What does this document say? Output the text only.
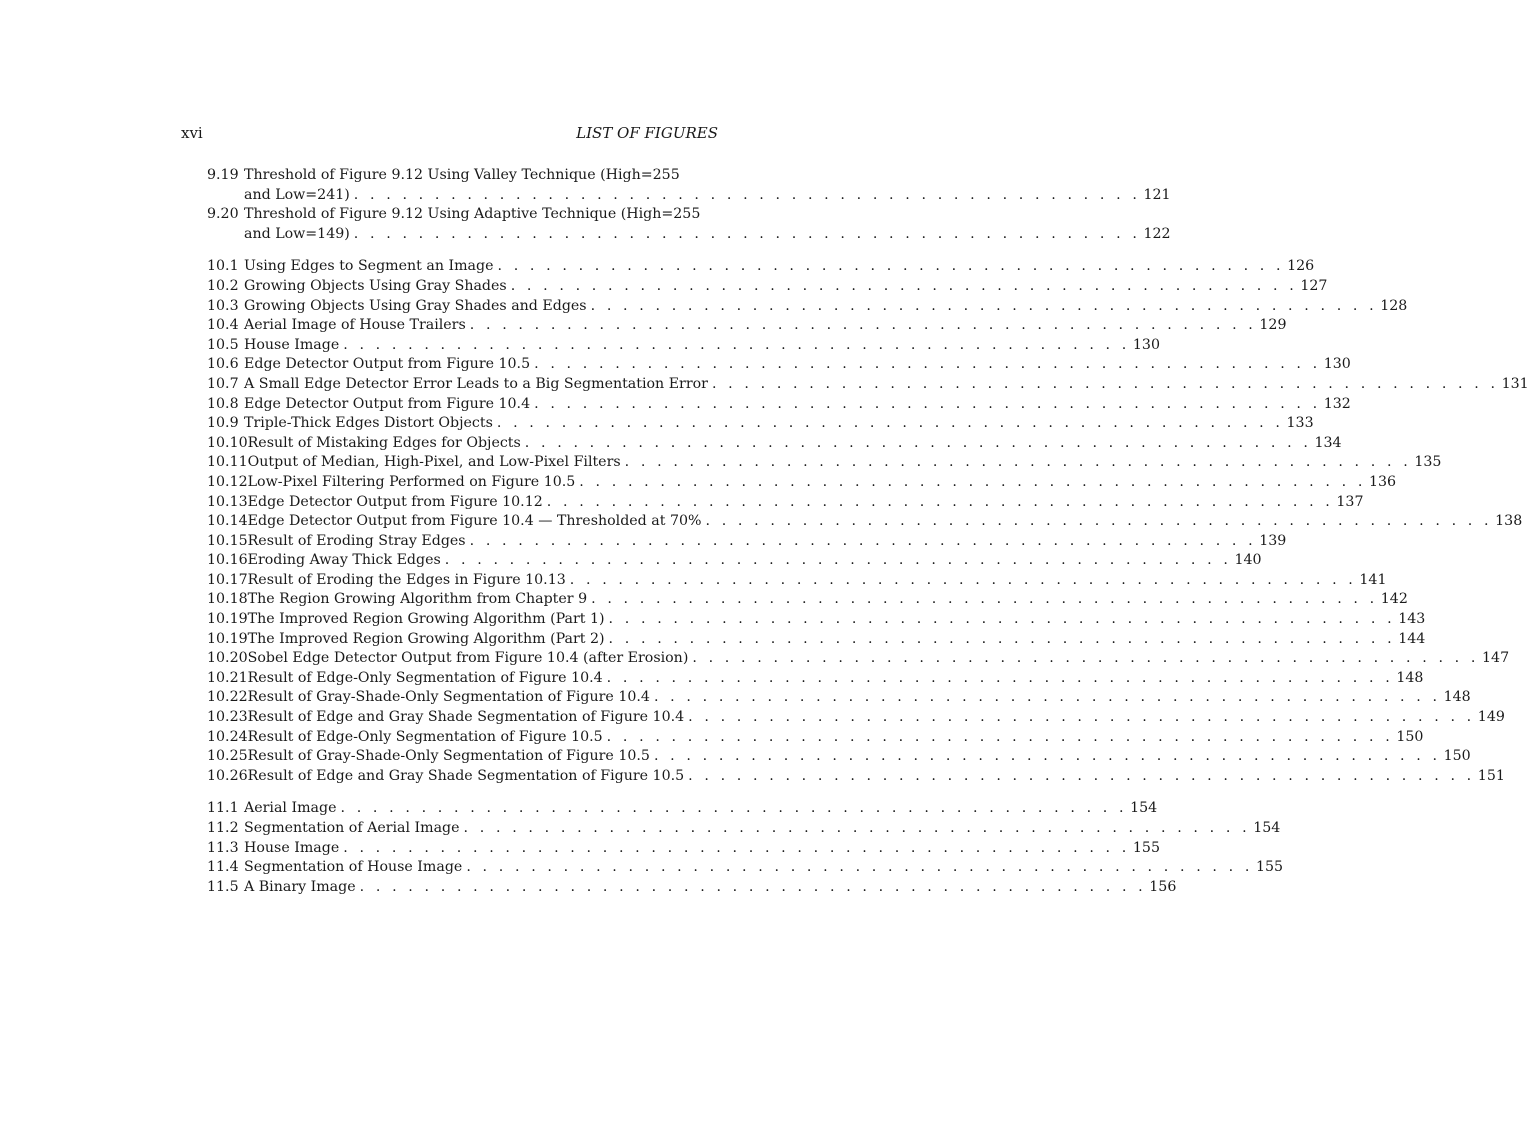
xvi	LIST OF FIGURES
9.19 Threshold of Figure 9.12 Using Valley Technique (High=255
and Low=241) . . . . . . . . . . . . . . . . . . . . . . . . . . . . . . . . . . . . . . . . . . . . . . . . . 121
9.20 Threshold of Figure 9.12 Using Adaptive Technique (High=255
and Low=149) . . . . . . . . . . . . . . . . . . . . . . . . . . . . . . . . . . . . . . . . . . . . . . . . . 122
10.1 Using Edges to Segment an Image . . . . . . . . . . . . . . . . . . . . . . . . . . . . . . . . . . . . . . . . . . . . . . . . . 126
10.2 Growing Objects Using Gray Shades . . . . . . . . . . . . . . . . . . . . . . . . . . . . . . . . . . . . . . . . . . . . . . . . . 127
10.3 Growing Objects Using Gray Shades and Edges . . . . . . . . . . . . . . . . . . . . . . . . . . . . . . . . . . . . . . . . . . . . . . . . . 128
10.4 Aerial Image of House Trailers . . . . . . . . . . . . . . . . . . . . . . . . . . . . . . . . . . . . . . . . . . . . . . . . . 129
10.5 House Image . . . . . . . . . . . . . . . . . . . . . . . . . . . . . . . . . . . . . . . . . . . . . . . . . 130
10.6 Edge Detector Output from Figure 10.5 . . . . . . . . . . . . . . . . . . . . . . . . . . . . . . . . . . . . . . . . . . . . . . . . . 130
10.7 A Small Edge Detector Error Leads to a Big Segmentation Error . . . . . . . . . . . . . . . . . . . . . . . . . . . . . . . . . . . . . . . . . . . . . . . . . 131
10.8 Edge Detector Output from Figure 10.4 . . . . . . . . . . . . . . . . . . . . . . . . . . . . . . . . . . . . . . . . . . . . . . . . . 132
10.9 Triple-Thick Edges Distort Objects . . . . . . . . . . . . . . . . . . . . . . . . . . . . . . . . . . . . . . . . . . . . . . . . . 133
10.10 Result of Mistaking Edges for Objects . . . . . . . . . . . . . . . . . . . . . . . . . . . . . . . . . . . . . . . . . . . . . . . . . 134
10.11 Output of Median, High-Pixel, and Low-Pixel Filters . . . . . . . . . . . . . . . . . . . . . . . . . . . . . . . . . . . . . . . . . . . . . . . . . 135
10.12 Low-Pixel Filtering Performed on Figure 10.5 . . . . . . . . . . . . . . . . . . . . . . . . . . . . . . . . . . . . . . . . . . . . . . . . . 136
10.13 Edge Detector Output from Figure 10.12 . . . . . . . . . . . . . . . . . . . . . . . . . . . . . . . . . . . . . . . . . . . . . . . . . 137
10.14 Edge Detector Output from Figure 10.4 — Thresholded at 70% . . . . . . . . . . . . . . . . . . . . . . . . . . . . . . . . . . . . . . . . . . . . . . . . . 138
10.15 Result of Eroding Stray Edges . . . . . . . . . . . . . . . . . . . . . . . . . . . . . . . . . . . . . . . . . . . . . . . . . 139
10.16 Eroding Away Thick Edges . . . . . . . . . . . . . . . . . . . . . . . . . . . . . . . . . . . . . . . . . . . . . . . . . 140
10.17 Result of Eroding the Edges in Figure 10.13 . . . . . . . . . . . . . . . . . . . . . . . . . . . . . . . . . . . . . . . . . . . . . . . . . 141
10.18 The Region Growing Algorithm from Chapter 9 . . . . . . . . . . . . . . . . . . . . . . . . . . . . . . . . . . . . . . . . . . . . . . . . . 142
10.19 The Improved Region Growing Algorithm (Part 1) . . . . . . . . . . . . . . . . . . . . . . . . . . . . . . . . . . . . . . . . . . . . . . . . . 143
10.19 The Improved Region Growing Algorithm (Part 2) . . . . . . . . . . . . . . . . . . . . . . . . . . . . . . . . . . . . . . . . . . . . . . . . . 144
10.20 Sobel Edge Detector Output from Figure 10.4 (after Erosion) . . . . . . . . . . . . . . . . . . . . . . . . . . . . . . . . . . . . . . . . . . . . . . . . . 147
10.21 Result of Edge-Only Segmentation of Figure 10.4 . . . . . . . . . . . . . . . . . . . . . . . . . . . . . . . . . . . . . . . . . . . . . . . . . 148
10.22 Result of Gray-Shade-Only Segmentation of Figure 10.4 . . . . . . . . . . . . . . . . . . . . . . . . . . . . . . . . . . . . . . . . . . . . . . . . . 148
10.23 Result of Edge and Gray Shade Segmentation of Figure 10.4 . . . . . . . . . . . . . . . . . . . . . . . . . . . . . . . . . . . . . . . . . . . . . . . . . 149
10.24 Result of Edge-Only Segmentation of Figure 10.5 . . . . . . . . . . . . . . . . . . . . . . . . . . . . . . . . . . . . . . . . . . . . . . . . . 150
10.25 Result of Gray-Shade-Only Segmentation of Figure 10.5 . . . . . . . . . . . . . . . . . . . . . . . . . . . . . . . . . . . . . . . . . . . . . . . . . 150
10.26 Result of Edge and Gray Shade Segmentation of Figure 10.5 . . . . . . . . . . . . . . . . . . . . . . . . . . . . . . . . . . . . . . . . . . . . . . . . . 151
11.1 Aerial Image . . . . . . . . . . . . . . . . . . . . . . . . . . . . . . . . . . . . . . . . . . . . . . . . . 154
11.2 Segmentation of Aerial Image . . . . . . . . . . . . . . . . . . . . . . . . . . . . . . . . . . . . . . . . . . . . . . . . . 154
11.3 House Image . . . . . . . . . . . . . . . . . . . . . . . . . . . . . . . . . . . . . . . . . . . . . . . . . 155
11.4 Segmentation of House Image . . . . . . . . . . . . . . . . . . . . . . . . . . . . . . . . . . . . . . . . . . . . . . . . . 155
11.5 A Binary Image . . . . . . . . . . . . . . . . . . . . . . . . . . . . . . . . . . . . . . . . . . . . . . . . . 156
